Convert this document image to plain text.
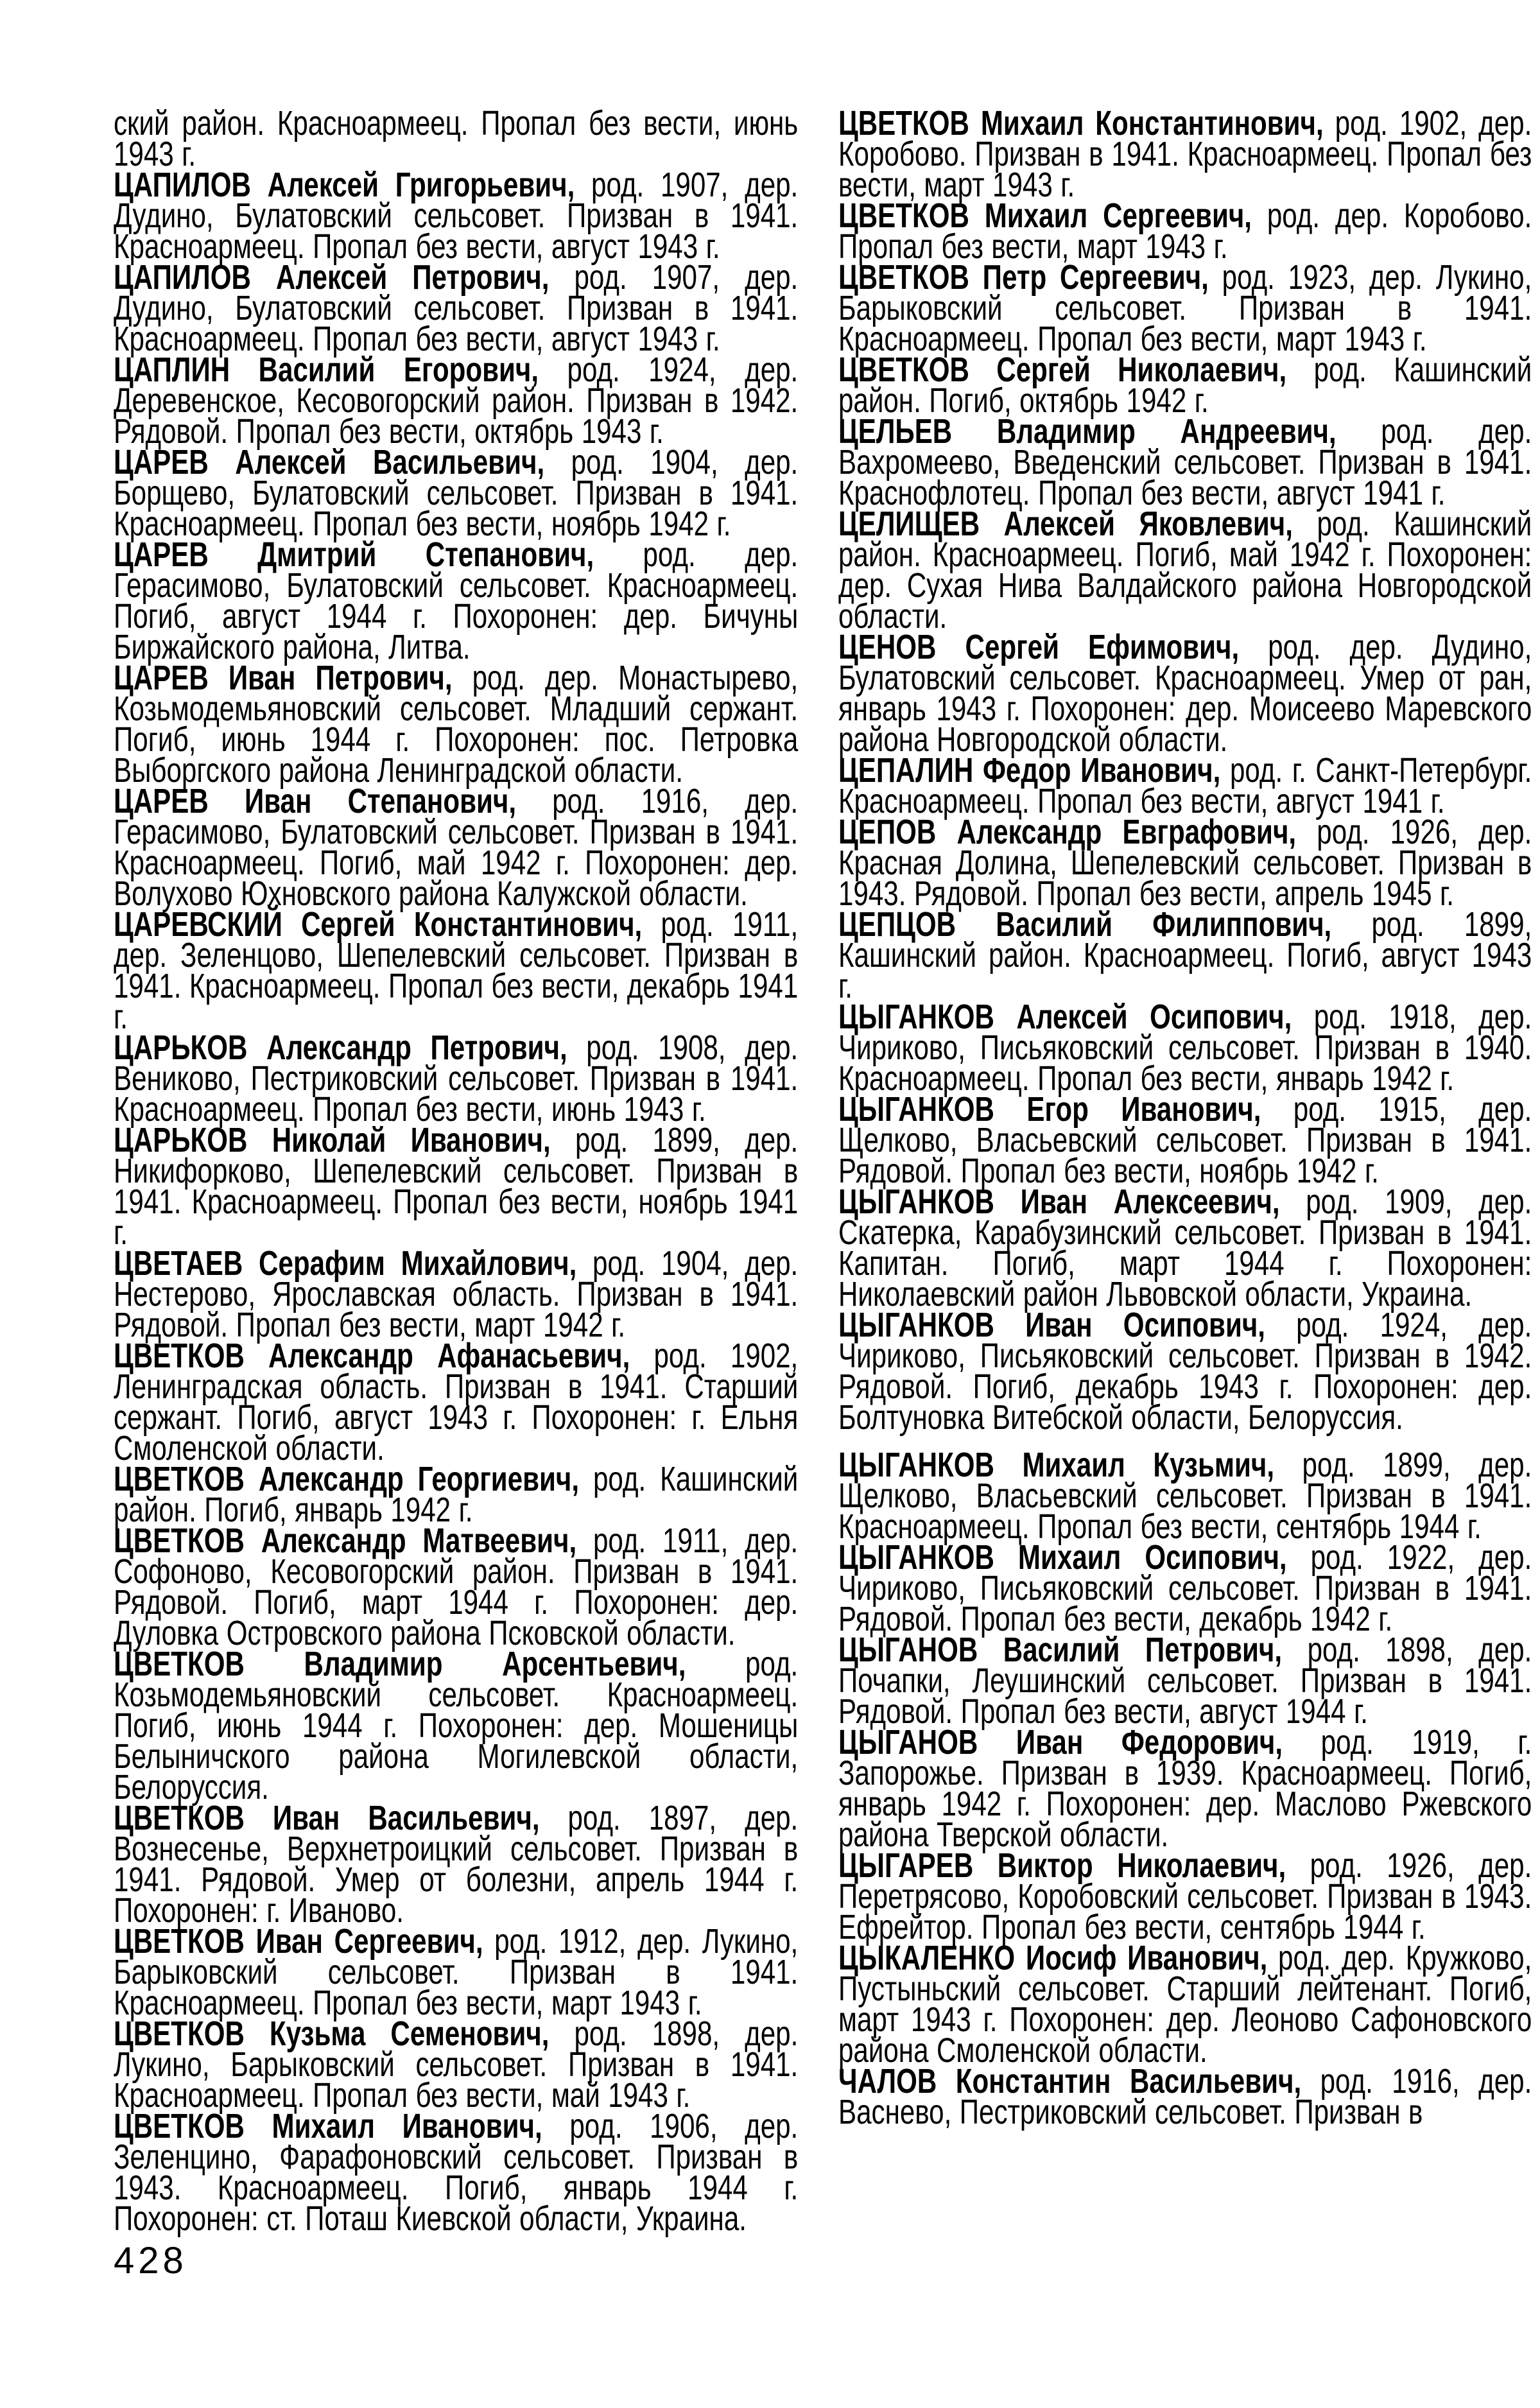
ский район. Красноармеец. Пропал без вести, июнь 1943 г.

ЦАПИЛОВ Алексей Григорьевич, род. 1907, дер. Дудино, Булатовский сельсовет. Призван в 1941. Красноармеец. Пропал без вести, август 1943 г.

ЦАПИЛОВ Алексей Петрович, род. 1907, дер. Дудино, Булатовский сельсовет. Призван в 1941. Красноармеец. Пропал без вести, август 1943 г.

ЦАПЛИН Василий Егорович, род. 1924, дер. Деревенское, Кесовогорский район. Призван в 1942. Рядовой. Пропал без вести, октябрь 1943 г.

ЦАРЕВ Алексей Васильевич, род. 1904, дер. Борщево, Булатовский сельсовет. Призван в 1941. Красноармеец. Пропал без вести, ноябрь 1942 г.

ЦАРЕВ Дмитрий Степанович, род. дер. Герасимово, Булатовский сельсовет. Красноармеец. Погиб, август 1944 г. Похоронен: дер. Бичуны Биржайского района, Литва.

ЦАРЕВ Иван Петрович, род. дер. Монастырево, Козьмодемьяновский сельсовет. Младший сержант. Погиб, июнь 1944 г. Похоронен: пос. Петровка Выборгского района Ленинградской области.

ЦАРЕВ Иван Степанович, род. 1916, дер. Герасимово, Булатовский сельсовет. Призван в 1941. Красноармеец. Погиб, май 1942 г. Похоронен: дер. Волухово Юхновского района Калужской области.

ЦАРЕВСКИЙ Сергей Константинович, род. 1911, дер. Зеленцово, Шепелевский сельсовет. Призван в 1941. Красноармеец. Пропал без вести, декабрь 1941 г.

ЦАРЬКОВ Александр Петрович, род. 1908, дер. Вениково, Пестриковский сельсовет. Призван в 1941. Красноармеец. Пропал без вести, июнь 1943 г.

ЦАРЬКОВ Николай Иванович, род. 1899, дер. Никифорково, Шепелевский сельсовет. Призван в 1941. Красноармеец. Пропал без вести, ноябрь 1941 г.

ЦВЕТАЕВ Серафим Михайлович, род. 1904, дер. Нестерово, Ярославская область. Призван в 1941. Рядовой. Пропал без вести, март 1942 г.

ЦВЕТКОВ Александр Афанасьевич, род. 1902, Ленинградская область. Призван в 1941. Старший сержант. Погиб, август 1943 г. Похоронен: г. Ельня Смоленской области.

ЦВЕТКОВ Александр Георгиевич, род. Кашинский район. Погиб, январь 1942 г.

ЦВЕТКОВ Александр Матвеевич, род. 1911, дер. Софоново, Кесовогорский район. Призван в 1941. Рядовой. Погиб, март 1944 г. Похоронен: дер. Дуловка Островского района Псковской области.

ЦВЕТКОВ Владимир Арсентьевич, род. Козьмодемьяновский сельсовет. Красноармеец. Погиб, июнь 1944 г. Похоронен: дер. Мошеницы Белыничского района Могилевской области, Белоруссия.

ЦВЕТКОВ Иван Васильевич, род. 1897, дер. Вознесенье, Верхнетроицкий сельсовет. Призван в 1941. Рядовой. Умер от болезни, апрель 1944 г. Похоронен: г. Иваново.

ЦВЕТКОВ Иван Сергеевич, род. 1912, дер. Лукино, Барыковский сельсовет. Призван в 1941. Красноармеец. Пропал без вести, март 1943 г.

ЦВЕТКОВ Кузьма Семенович, род. 1898, дер. Лукино, Барыковский сельсовет. Призван в 1941. Красноармеец. Пропал без вести, май 1943 г.

ЦВЕТКОВ Михаил Иванович, род. 1906, дер. Зеленцино, Фарафоновский сельсовет. Призван в 1943. Красноармеец. Погиб, январь 1944 г. Похоронен: ст. Поташ Киевской области, Украина.

ЦВЕТКОВ Михаил Константинович, род. 1902, дер. Коробово. Призван в 1941. Красноармеец. Пропал без вести, март 1943 г.

ЦВЕТКОВ Михаил Сергеевич, род. дер. Коробово. Пропал без вести, март 1943 г.

ЦВЕТКОВ Петр Сергеевич, род. 1923, дер. Лукино, Барыковский сельсовет. Призван в 1941. Красноармеец. Пропал без вести, март 1943 г.

ЦВЕТКОВ Сергей Николаевич, род. Кашинский район. Погиб, октябрь 1942 г.

ЦЕЛЬЕВ Владимир Андреевич, род. дер. Вахромеево, Введенский сельсовет. Призван в 1941. Краснофлотец. Пропал без вести, август 1941 г.

ЦЕЛИЩЕВ Алексей Яковлевич, род. Кашинский район. Красноармеец. Погиб, май 1942 г. Похоронен: дер. Сухая Нива Валдайского района Новгородской области.

ЦЕНОВ Сергей Ефимович, род. дер. Дудино, Булатовский сельсовет. Красноармеец. Умер от ран, январь 1943 г. Похоронен: дер. Моисеево Маревского района Новгородской области.

ЦЕПАЛИН Федор Иванович, род. г. Санкт-Петербург. Красноармеец. Пропал без вести, август 1941 г.

ЦЕПОВ Александр Евграфович, род. 1926, дер. Красная Долина, Шепелевский сельсовет. Призван в 1943. Рядовой. Пропал без вести, апрель 1945 г.

ЦЕПЦОВ Василий Филиппович, род. 1899, Кашинский район. Красноармеец. Погиб, август 1943 г.

ЦЫГАНКОВ Алексей Осипович, род. 1918, дер. Чириково, Письяковский сельсовет. Призван в 1940. Красноармеец. Пропал без вести, январь 1942 г.

ЦЫГАНКОВ Егор Иванович, род. 1915, дер. Щелково, Власьевский сельсовет. Призван в 1941. Рядовой. Пропал без вести, ноябрь 1942 г.

ЦЫГАНКОВ Иван Алексеевич, род. 1909, дер. Скатерка, Карабузинский сельсовет. Призван в 1941. Капитан. Погиб, март 1944 г. Похоронен: Николаевский район Львовской области, Украина.

ЦЫГАНКОВ Иван Осипович, род. 1924, дер. Чириково, Письяковский сельсовет. Призван в 1942. Рядовой. Погиб, декабрь 1943 г. Похоронен: дер. Болтуновка Витебской области, Белоруссия.

ЦЫГАНКОВ Михаил Кузьмич, род. 1899, дер. Щелково, Власьевский сельсовет. Призван в 1941. Красноармеец. Пропал без вести, сентябрь 1944 г.

ЦЫГАНКОВ Михаил Осипович, род. 1922, дер. Чириково, Письяковский сельсовет. Призван в 1941. Рядовой. Пропал без вести, декабрь 1942 г.

ЦЫГАНОВ Василий Петрович, род. 1898, дер. Почапки, Леушинский сельсовет. Призван в 1941. Рядовой. Пропал без вести, август 1944 г.

ЦЫГАНОВ Иван Федорович, род. 1919, г. Запорожье. Призван в 1939. Красноармеец. Погиб, январь 1942 г. Похоронен: дер. Маслово Ржевского района Тверской области.

ЦЫГАРЕВ Виктор Николаевич, род. 1926, дер. Перетрясово, Коробовский сельсовет. Призван в 1943. Ефрейтор. Пропал без вести, сентябрь 1944 г.

ЦЫКАЛЕНКО Иосиф Иванович, род. дер. Кружково, Пустыньский сельсовет. Старший лейтенант. Погиб, март 1943 г. Похоронен: дер. Леоново Сафоновского района Смоленской области.

ЧАЛОВ Константин Васильевич, род. 1916, дер. Васнево, Пестриковский сельсовет. Призван в

428
